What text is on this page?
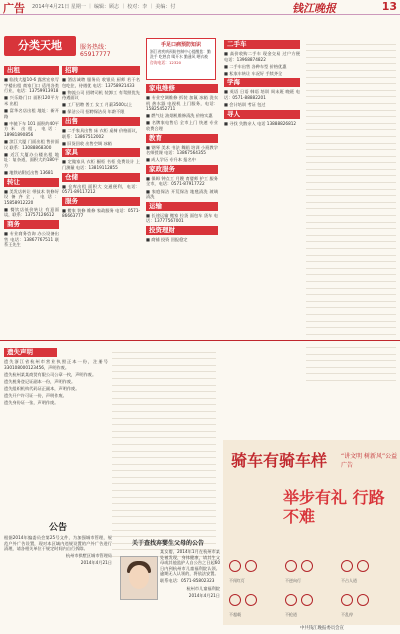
广告 2014年4月21日 星期一 ｜ 编辑：顾志 ｜ 校对：李 ｜ 美编：付	钱江晚报	13
分类天地	服务热线：65917777
出租

■ 临钱大厦10-6 露营宏泉写字楼出租 商家门口 适用各类行业，电话：13759913918

■ 兴乐路门口 面积120平方米 出租

■ 富华名店出租 地址：新开路

■ 中驰下车 101 面积约40平方米 出租，电话：18981890856

■ 滨江大厦 门面出租 售价面议 联系：13088868300

■ 近江大厦办公楼出租 地址：复杂道，面积大约180平方

■ 地铁站附近出售 13681

转让

■ 美发店转让 带技术 装修好 设备齐全，电话：15858912220

■ 餐饮店低价转让 有意面谈，联系：13757126612

商务

■ 专业商务咨询 办公设备出售 电话：13867767511 联系王先生

招聘

■ 酒店诚聘 服务员 收银员 厨师 若干名 包吃住，待遇优 电话：13758921433

■ 物流公司 招聘司机 装卸工 有驾照优先 待遇面议

■ 工厂招聘 普工 女工 月薪3500以上

■ 保洁公司 招聘保洁员 年龄不限

出售

■ 二手家具出售 床 衣柜 桌椅 价格面议，联系：13867512002

■ 旧货回收 出售空调 冰箱

家具

■ 定做家具 衣柜 橱柜 书柜 免费设计 上门测量 电话：13819112855

仓储

■ 仓库出租 面积大 交通便利，电话：0571-89117212

服务

■ 搬家 装修 维修 家政服务 电话：0571-86663777

手足口病预防知识
浙江省疾病预防控制中心提醒您：勤洗手 吃熟食 喝开水 勤通风 晒衣被
咨询电话：12320
家电维修

■ 专业空调维修 拆装 加氟 冰箱 洗衣机 热水器 电视机 上门服务，电话：15825452711

■ 燃气灶 油烟机维修清洗 价格实惠

■ 名牌家电售后 全市上门 快速 专业 收费合理

教育

■ 钢琴 美术 书法 舞蹈 培训 小班教学 名师授课 电话：13867564355

■ 成人学历 专升本 报名中

家政服务

■ 保姆 钟点工 月嫂 育婴师 护工 服务全市，电话：0571-87917722

■ 家庭保洁 开荒保洁 地毯清洗 玻璃清洗

运输

■ 长途运输 搬家 拉货 面包车 货车 电话：13777567001

投资理财

■ 商铺 投资 回报稳定

二手车

■ 高价收购二手车 现金交易 过户方便 电话：13968874822

■ 二手车出售 各种车型 价格优惠

■ 私家车转让 车况好 手续齐全

学海

■ 英语 日语 韩语 培训 周末班 晚班 电话：0571-88882201

■ 会计培训 考证 包过

寻人

■ 寻找 失散亲人 电话 13888826812

遗失声明

遗失浙江省杭州市营业执照正本一份，注册号330108000123456，声明作废。

遗失杭州某某商贸有限公司公章一枚，声明作废。

遗失税务登记证副本一份，声明作废。

遗失组织机构代码证正副本，声明作废。

遗失开户许可证一份，声明作废。

遗失身份证一张，声明作废。

公告

根据2014年编委员会第25号文件，为加强城市管理，规范户外广告设置，现对本区域内违规设置的户外广告进行清理，请各相关单位于规定时间内自行拆除。

杭州市拱墅区城市管理局

2014年4月21日

关于查找弃婴生父母的公告

某女婴，2014年1月在杭州市某处被发现，身体健康，请其生父母或其他监护人自公告之日起60日内到杭州市儿童福利院认领。逾期无人认领的，将依法安置。

联系电话：0571-85802323

杭州市儿童福利院

2014年4月21日

骑车有骑车样 “讲文明 树新风”公益广告
举步有礼 行路不难
不闯红灯	不逆向行	不占人道
不超载	不抢道	不乱停
中共钱江晚报委员会宣
